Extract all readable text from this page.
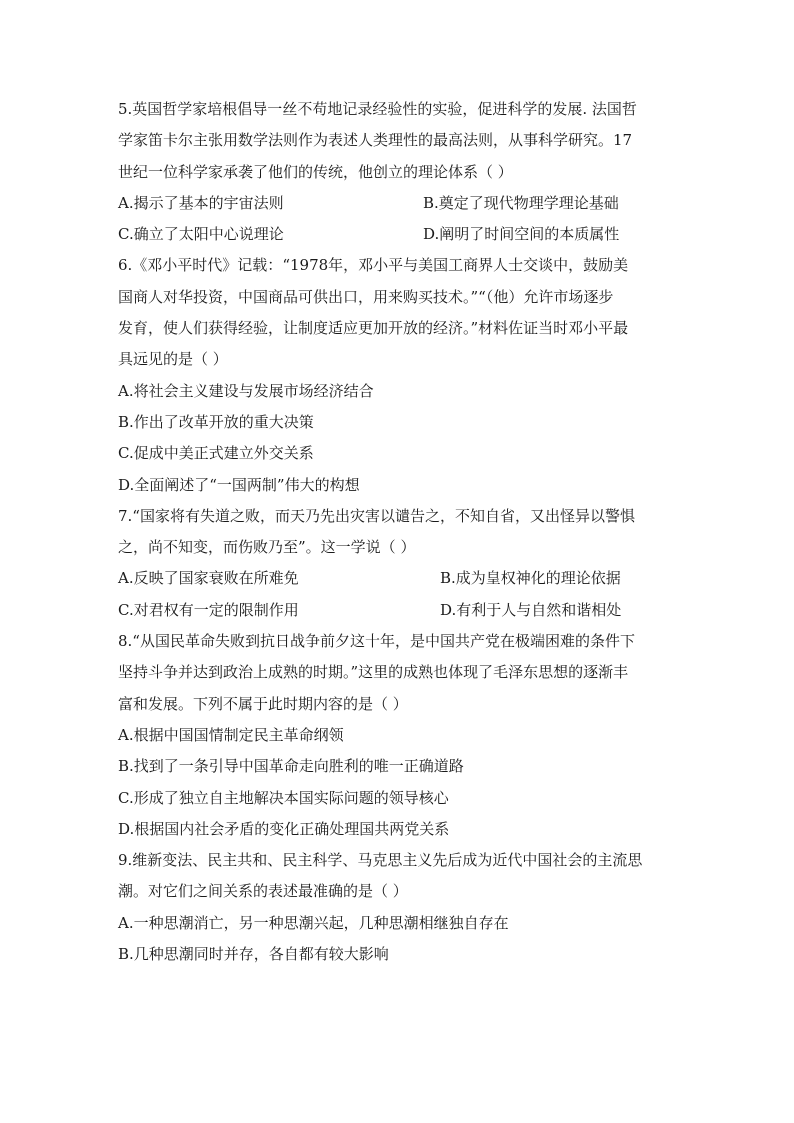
5.英国哲学家培根倡导一丝不苟地记录经验性的实验，促进科学的发展. 法国哲
学家笛卡尔主张用数学法则作为表述人类理性的最高法则，从事科学研究。17
世纪一位科学家承袭了他们的传统，他创立的理论体系（ ）
A.揭示了基本的宇宙法则	B.奠定了现代物理学理论基础
C.确立了太阳中心说理论	D.阐明了时间空间的本质属性
6.《邓小平时代》记载：“1978年，邓小平与美国工商界人士交谈中，鼓励美
国商人对华投资，中国商品可供出口，用来购买技术。”“（他）允许市场逐步
发育，使人们获得经验，让制度适应更加开放的经济。”材料佐证当时邓小平最
具远见的是（ ）
A.将社会主义建设与发展市场经济结合
B.作出了改革开放的重大决策
C.促成中美正式建立外交关系
D.全面阐述了“一国两制”伟大的构想
7.“国家将有失道之败，而天乃先出灾害以谴告之，不知自省，又出怪异以警惧
之，尚不知变，而伤败乃至”。这一学说（ ）
A.反映了国家衰败在所难免	B.成为皇权神化的理论依据
C.对君权有一定的限制作用	D.有利于人与自然和谐相处
8.“从国民革命失败到抗日战争前夕这十年，是中国共产党在极端困难的条件下
坚持斗争并达到政治上成熟的时期。”这里的成熟也体现了毛泽东思想的逐渐丰
富和发展。下列不属于此时期内容的是（ ）
A.根据中国国情制定民主革命纲领
B.找到了一条引导中国革命走向胜利的唯一正确道路
C.形成了独立自主地解决本国实际问题的领导核心
D.根据国内社会矛盾的变化正确处理国共两党关系
9.维新变法、民主共和、民主科学、马克思主义先后成为近代中国社会的主流思
潮。对它们之间关系的表述最准确的是（ ）
A.一种思潮消亡，另一种思潮兴起，几种思潮相继独自存在
B.几种思潮同时并存，各自都有较大影响
